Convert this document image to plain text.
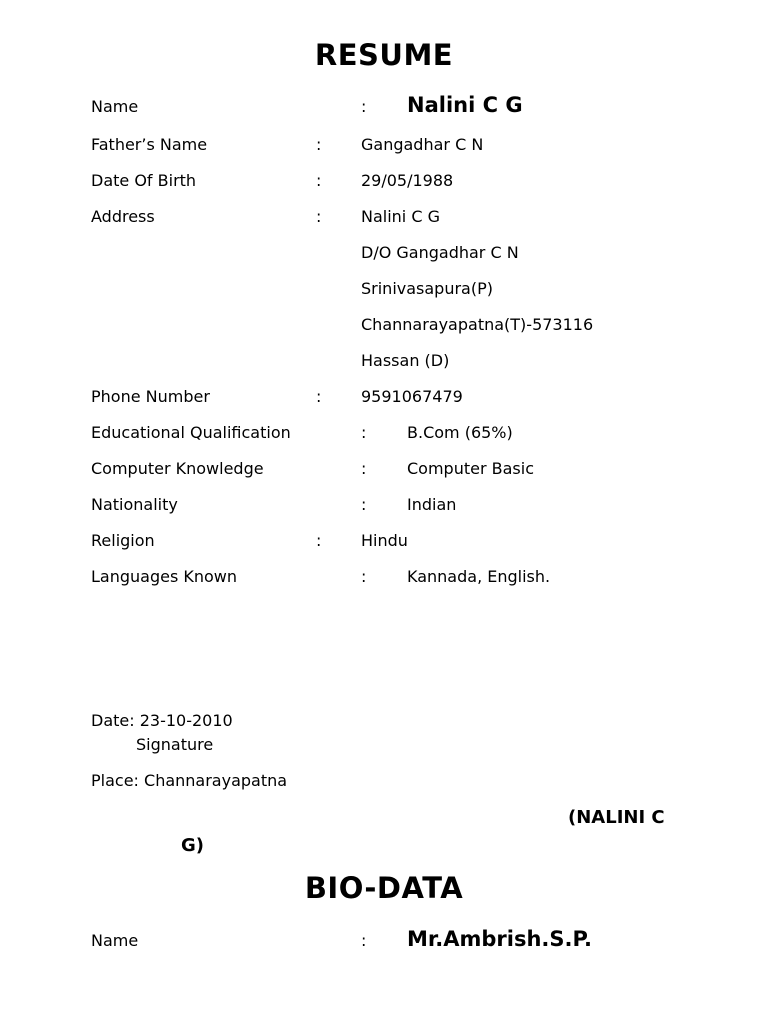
RESUME
Name	: Nalini C G
Father’s Name	: Gangadhar C N
Date Of Birth	: 29/05/1988
Address	: Nalini C G
D/O Gangadhar C N
Srinivasapura(P)
Channarayapatna(T)-573116
Hassan (D)
Phone Number	: 9591067479
Educational Qualification	:	B.Com (65%)
Computer Knowledge	:	Computer Basic
Nationality	:	Indian
Religion	: Hindu
Languages Known	:	Kannada, English.
Date: 23-10-2010
Signature
Place: Channarayapatna
(NALINI C
G)
BIO-DATA
Name	: Mr.Ambrish.S.P.
